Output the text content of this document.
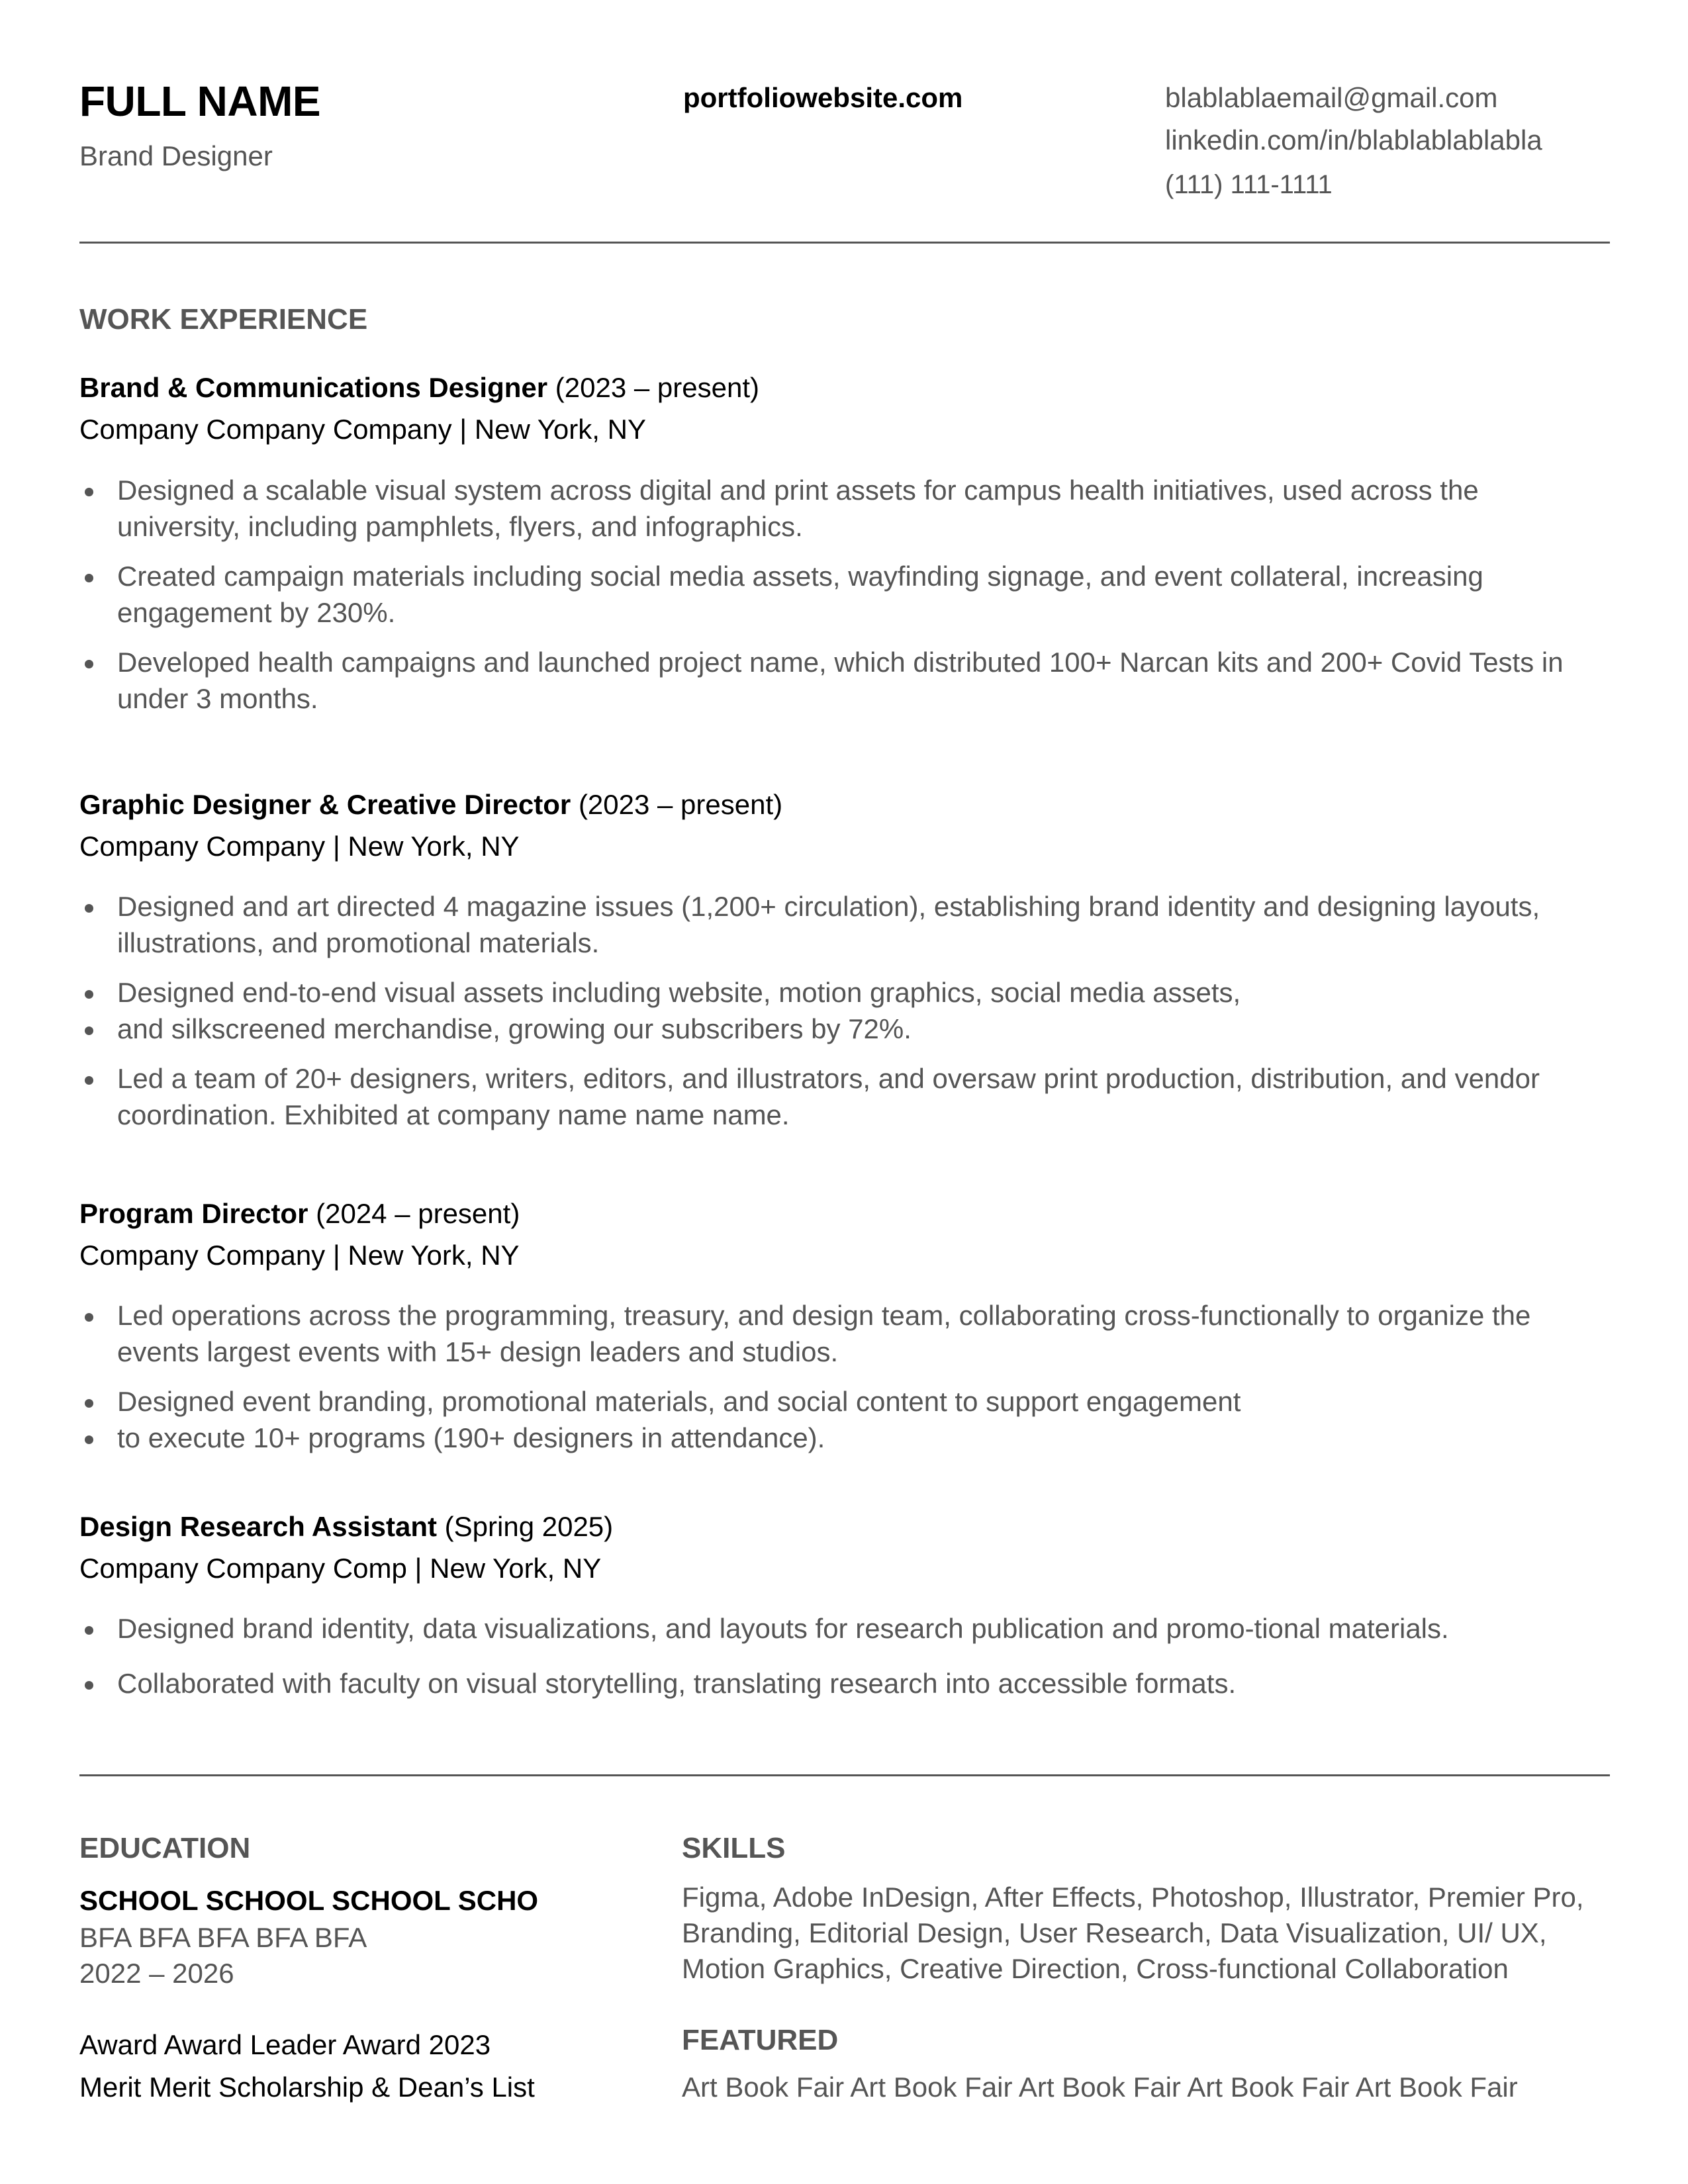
FULL NAME
Brand Designer
portfoliowebsite.com	blablablaemail@gmail.com
linkedin.com/in/blablablablabla
(111) 111-1111
WORK EXPERIENCE
Brand & Communications Designer (2023 – present)
Company Company Company | New York, NY
Designed a scalable visual system across digital and print assets for campus health initiatives, used across the university, including pamphlets, flyers, and infographics.
Created campaign materials including social media assets, wayfinding signage, and event collateral, increasing engagement by 230%.
Developed health campaigns and launched project name, which distributed 100+ Narcan kits and 200+ Covid Tests in under 3 months.
Graphic Designer & Creative Director (2023 – present)
Company Company | New York, NY
Designed and art directed 4 magazine issues (1,200+ circulation), establishing brand identity and designing layouts, illustrations, and promotional materials.
Designed end-to-end visual assets including website, motion graphics, social media assets,
and silkscreened merchandise, growing our subscribers by 72%.
Led a team of 20+ designers, writers, editors, and illustrators, and oversaw print production, distribution, and vendor coordination. Exhibited at company name name name.
Program Director (2024 – present)
Company Company | New York, NY
Led operations across the programming, treasury, and design team, collaborating cross-functionally to organize the events largest events with 15+ design leaders and studios.
Designed event branding, promotional materials, and social content to support engagement
to execute 10+ programs (190+ designers in attendance).
Design Research Assistant (Spring 2025)
Company Company Comp | New York, NY
Designed brand identity, data visualizations, and layouts for research publication and promo-tional materials.
Collaborated with faculty on visual storytelling, translating research into accessible formats.
EDUCATION
SCHOOL SCHOOL SCHOOL SCHO
BFA BFA BFA BFA BFA
2022 – 2026
Award Award Leader Award 2023
Merit Merit Scholarship & Dean’s List
SKILLS
Figma, Adobe InDesign, After Effects, Photoshop, Illustrator, Premier Pro, Branding, Editorial Design, User Research, Data Visualization, UI/ UX, Motion Graphics, Creative Direction, Cross-functional Collaboration
FEATURED
Art Book Fair Art Book Fair Art Book Fair Art Book Fair Art Book Fair
